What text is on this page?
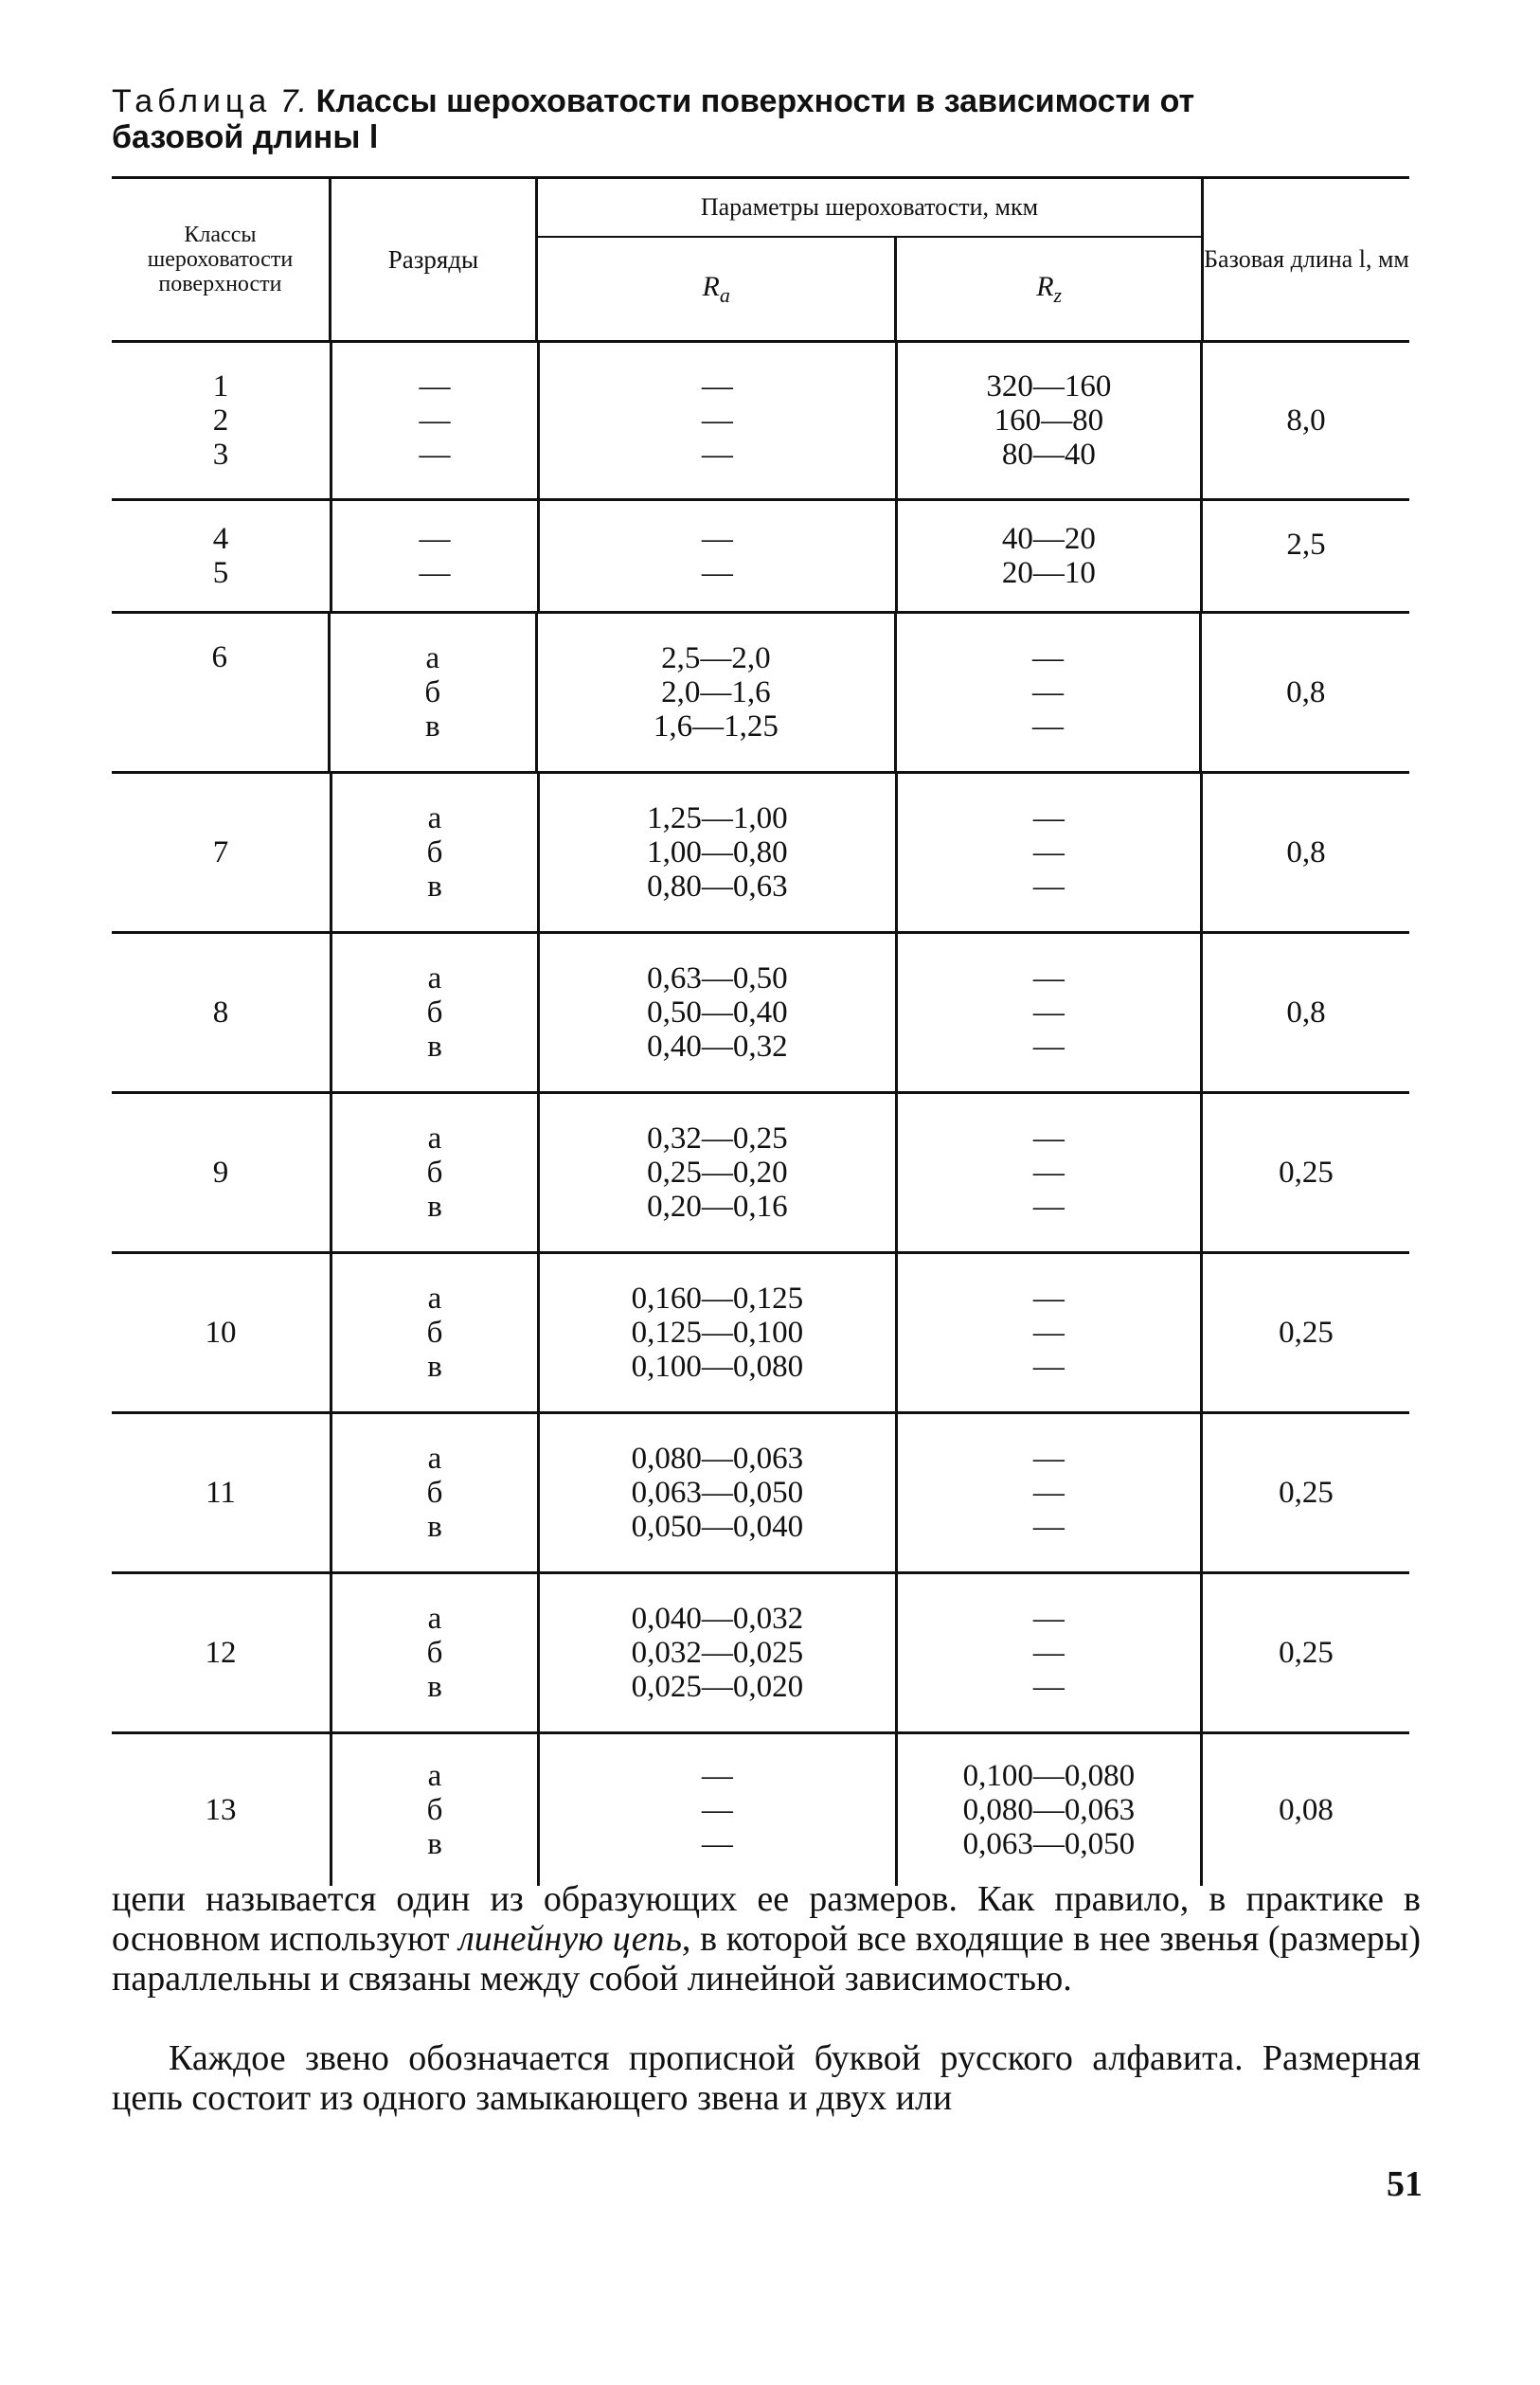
Таблица 7. Классы шероховатости поверхности в зависимости от базовой длины l
Классы шероховатости поверхности
Разряды
Параметры шероховатости, мкм
$R_a$	$R_z$
Базовая длина l, мм
1
2
3
—
—
—
—
—
—
320—160
160—80
80—40
8,0
4
5
—
—
—
—
40—20
20—10
2,5
6	а
б
в
2,5—2,0
2,0—1,6
1,6—1,25
—
—
—
0,8
7
а
б
в
1,25—1,00
1,00—0,80
0,80—0,63
—
—
—
0,8
8
а
б
в
0,63—0,50
0,50—0,40
0,40—0,32
—
—
—
0,8
9
а
б
в
0,32—0,25
0,25—0,20
0,20—0,16
—
—
—
0,25
10
а
б
в
0,160—0,125
0,125—0,100
0,100—0,080
—
—
—
0,25
11
а
б
в
0,080—0,063
0,063—0,050
0,050—0,040
—
—
—
0,25
12
а
б
в
0,040—0,032
0,032—0,025
0,025—0,020
—
—
—
0,25
13
а
б
в
—
—
—
0,100—0,080
0,080—0,063
0,063—0,050
0,08

цепи называется один из образующих ее размеров. Как правило, в практике в основном используют линейную цепь, в которой все входящие в нее звенья (размеры) параллельны и связаны между собой линейной зависимостью.

Каждое звено обозначается прописной буквой русского алфавита. Размерная цепь состоит из одного замыкающего звена и двух или

51
